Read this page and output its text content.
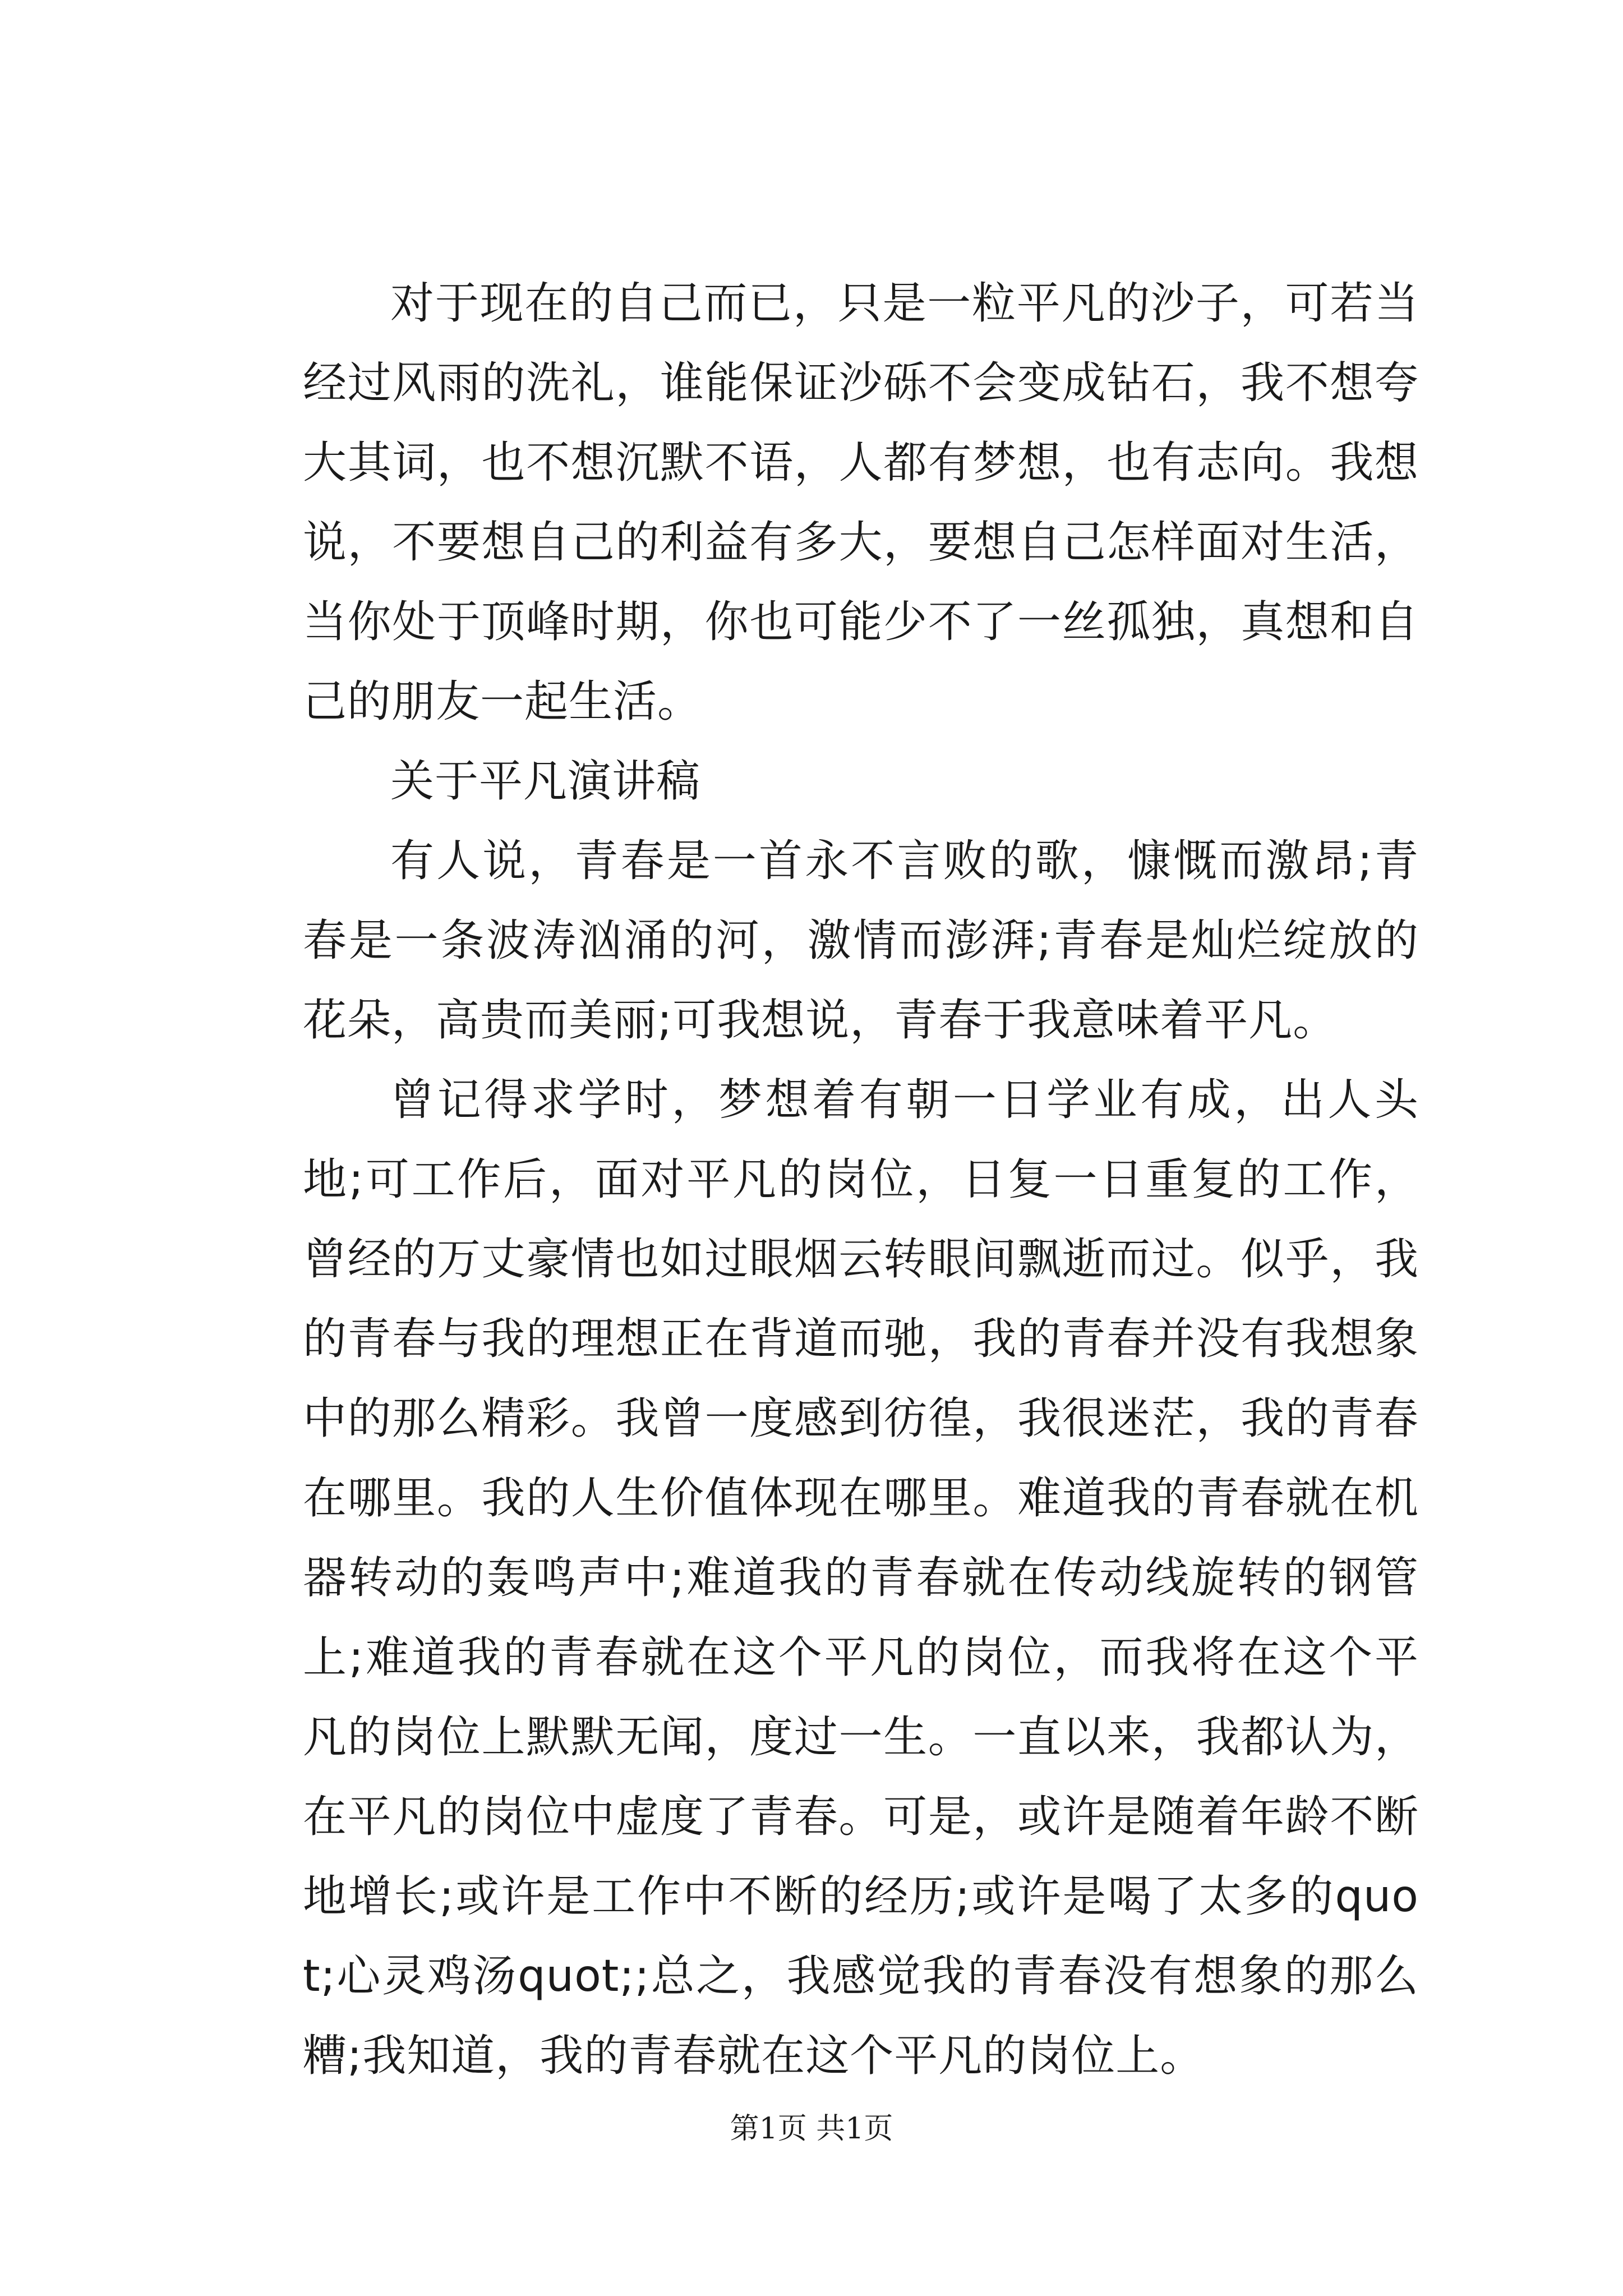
对于现在的自己而已，只是一粒平凡的沙子，可若当经过风雨的洗礼，谁能保证沙砾不会变成钻石，我不想夸大其词，也不想沉默不语，人都有梦想，也有志向。我想说，不要想自己的利益有多大，要想自己怎样面对生活，当你处于顶峰时期，你也可能少不了一丝孤独，真想和自己的朋友一起生活。

关于平凡演讲稿

有人说，青春是一首永不言败的歌，慷慨而激昂;青春是一条波涛汹涌的河，激情而澎湃;青春是灿烂绽放的花朵，高贵而美丽;可我想说，青春于我意味着平凡。

曾记得求学时，梦想着有朝一日学业有成，出人头地;可工作后，面对平凡的岗位，日复一日重复的工作，曾经的万丈豪情也如过眼烟云转眼间飘逝而过。似乎，我的青春与我的理想正在背道而驰，我的青春并没有我想象中的那么精彩。我曾一度感到彷徨，我很迷茫，我的青春在哪里。我的人生价值体现在哪里。难道我的青春就在机器转动的轰鸣声中;难道我的青春就在传动线旋转的钢管上;难道我的青春就在这个平凡的岗位，而我将在这个平凡的岗位上默默无闻，度过一生。一直以来，我都认为，在平凡的岗位中虚度了青春。可是，或许是随着年龄不断地增长;或许是工作中不断的经历;或许是喝了太多的quot;心灵鸡汤quot;;总之，我感觉我的青春没有想象的那么糟;我知道，我的青春就在这个平凡的岗位上。

第1页 共1页
